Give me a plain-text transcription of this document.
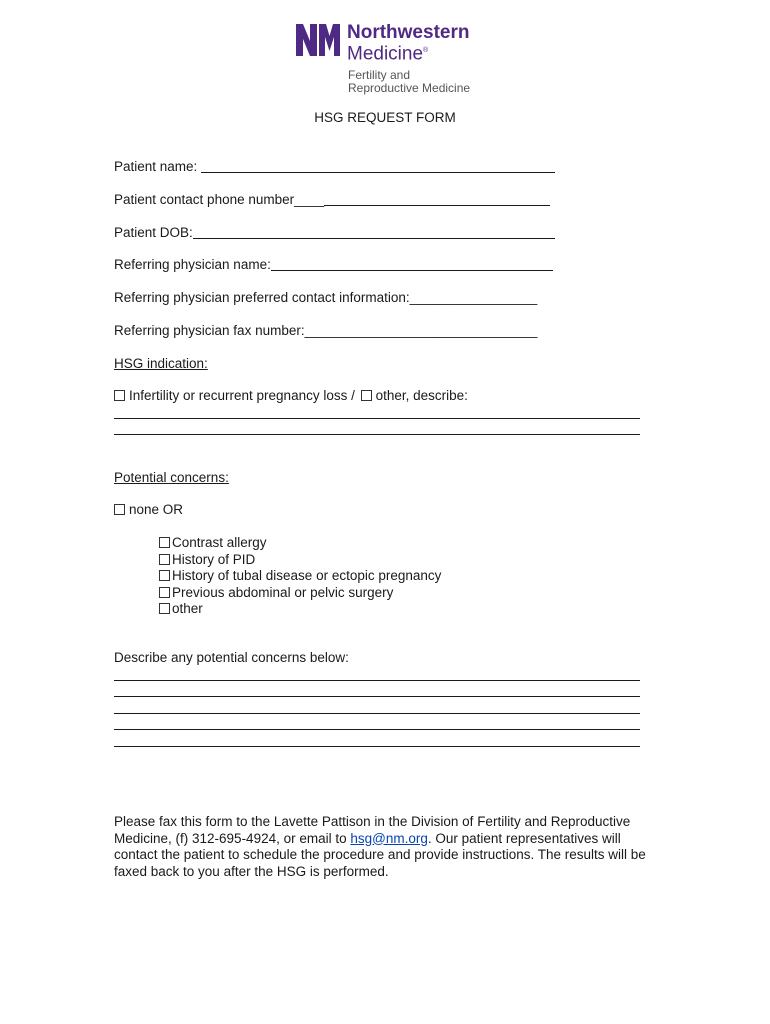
Northwestern
Medicine®
Fertility and
Reproductive Medicine
HSG REQUEST FORM
Patient name:
Patient contact phone number____
Patient DOB:
Referring physician name:
Referring physician preferred contact information:_________________
Referring physician fax number:_______________________________
HSG indication:
Infertility or recurrent pregnancy loss / other, describe:
Potential concerns:
none OR
Contrast allergy
History of PID
History of tubal disease or ectopic pregnancy
Previous abdominal or pelvic surgery
other
Describe any potential concerns below:
Please fax this form to the Lavette Pattison in the Division of Fertility and Reproductive Medicine, (f) 312-695-4924, or email to hsg@nm.org. Our patient representatives will contact the patient to schedule the procedure and provide instructions. The results will be faxed back to you after the HSG is performed.
